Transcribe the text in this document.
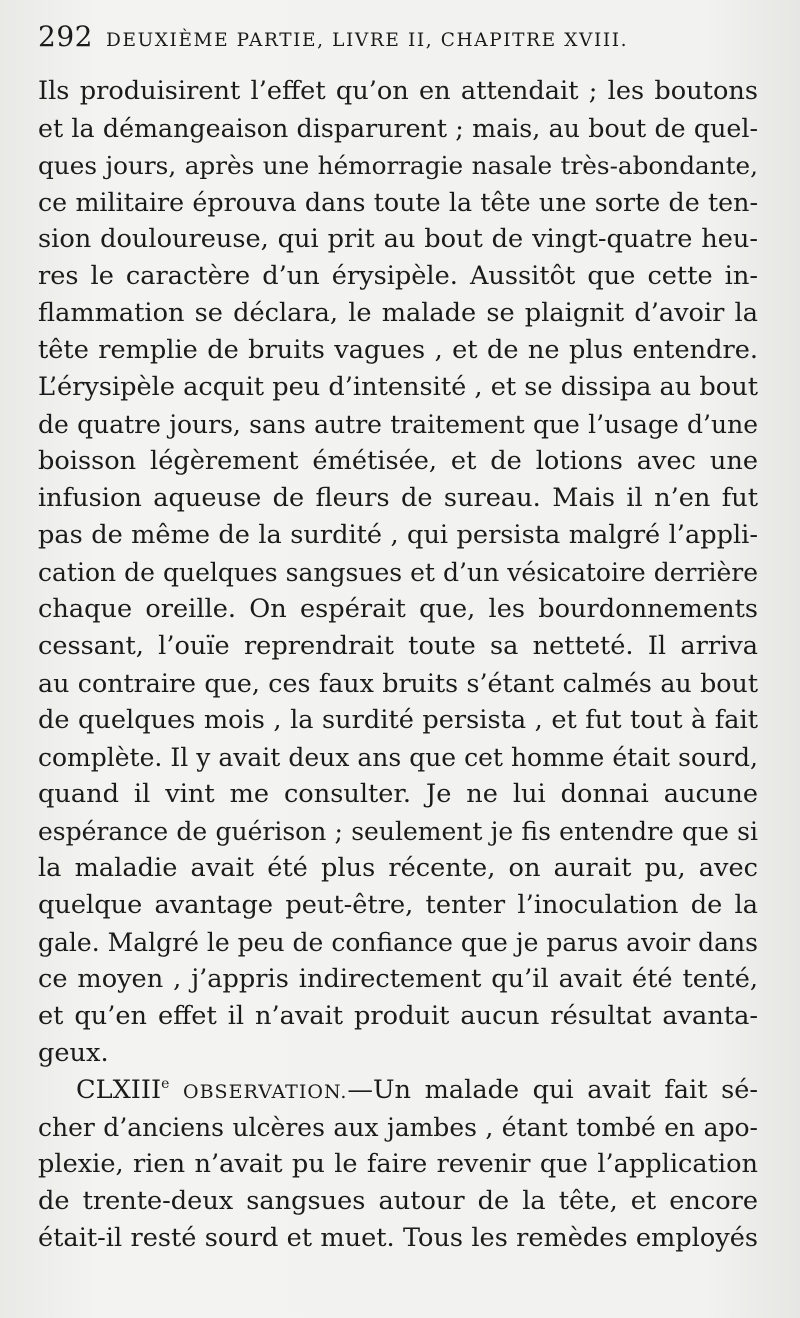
292 DEUXIÈME PARTIE, LIVRE II, CHAPITRE XVIII.
Ils produisirent l’effet qu’on en attendait ; les boutons
et la démangeaison disparurent ; mais, au bout de quel-
ques jours, après une hémorragie nasale très-abondante,
ce militaire éprouva dans toute la tête une sorte de ten-
sion douloureuse, qui prit au bout de vingt-quatre heu-
res le caractère d’un érysipèle. Aussitôt que cette in-
flammation se déclara, le malade se plaignit d’avoir la
tête remplie de bruits vagues , et de ne plus entendre.
L’érysipèle acquit peu d’intensité , et se dissipa au bout
de quatre jours, sans autre traitement que l’usage d’une
boisson légèrement émétisée, et de lotions avec une
infusion aqueuse de fleurs de sureau. Mais il n’en fut
pas de même de la surdité , qui persista malgré l’appli-
cation de quelques sangsues et d’un vésicatoire derrière
chaque oreille. On espérait que, les bourdonnements
cessant, l’ouïe reprendrait toute sa netteté. Il arriva
au contraire que, ces faux bruits s’étant calmés au bout
de quelques mois , la surdité persista , et fut tout à fait
complète. Il y avait deux ans que cet homme était sourd,
quand il vint me consulter. Je ne lui donnai aucune
espérance de guérison ; seulement je fis entendre que si
la maladie avait été plus récente, on aurait pu, avec
quelque avantage peut-être, tenter l’inoculation de la
gale. Malgré le peu de confiance que je parus avoir dans
ce moyen , j’appris indirectement qu’il avait été tenté,
et qu’en effet il n’avait produit aucun résultat avanta-
geux.
CLXIIIe OBSERVATION.—Un malade qui avait fait sé-
cher d’anciens ulcères aux jambes , étant tombé en apo-
plexie, rien n’avait pu le faire revenir que l’application
de trente-deux sangsues autour de la tête, et encore
était-il resté sourd et muet. Tous les remèdes employés
